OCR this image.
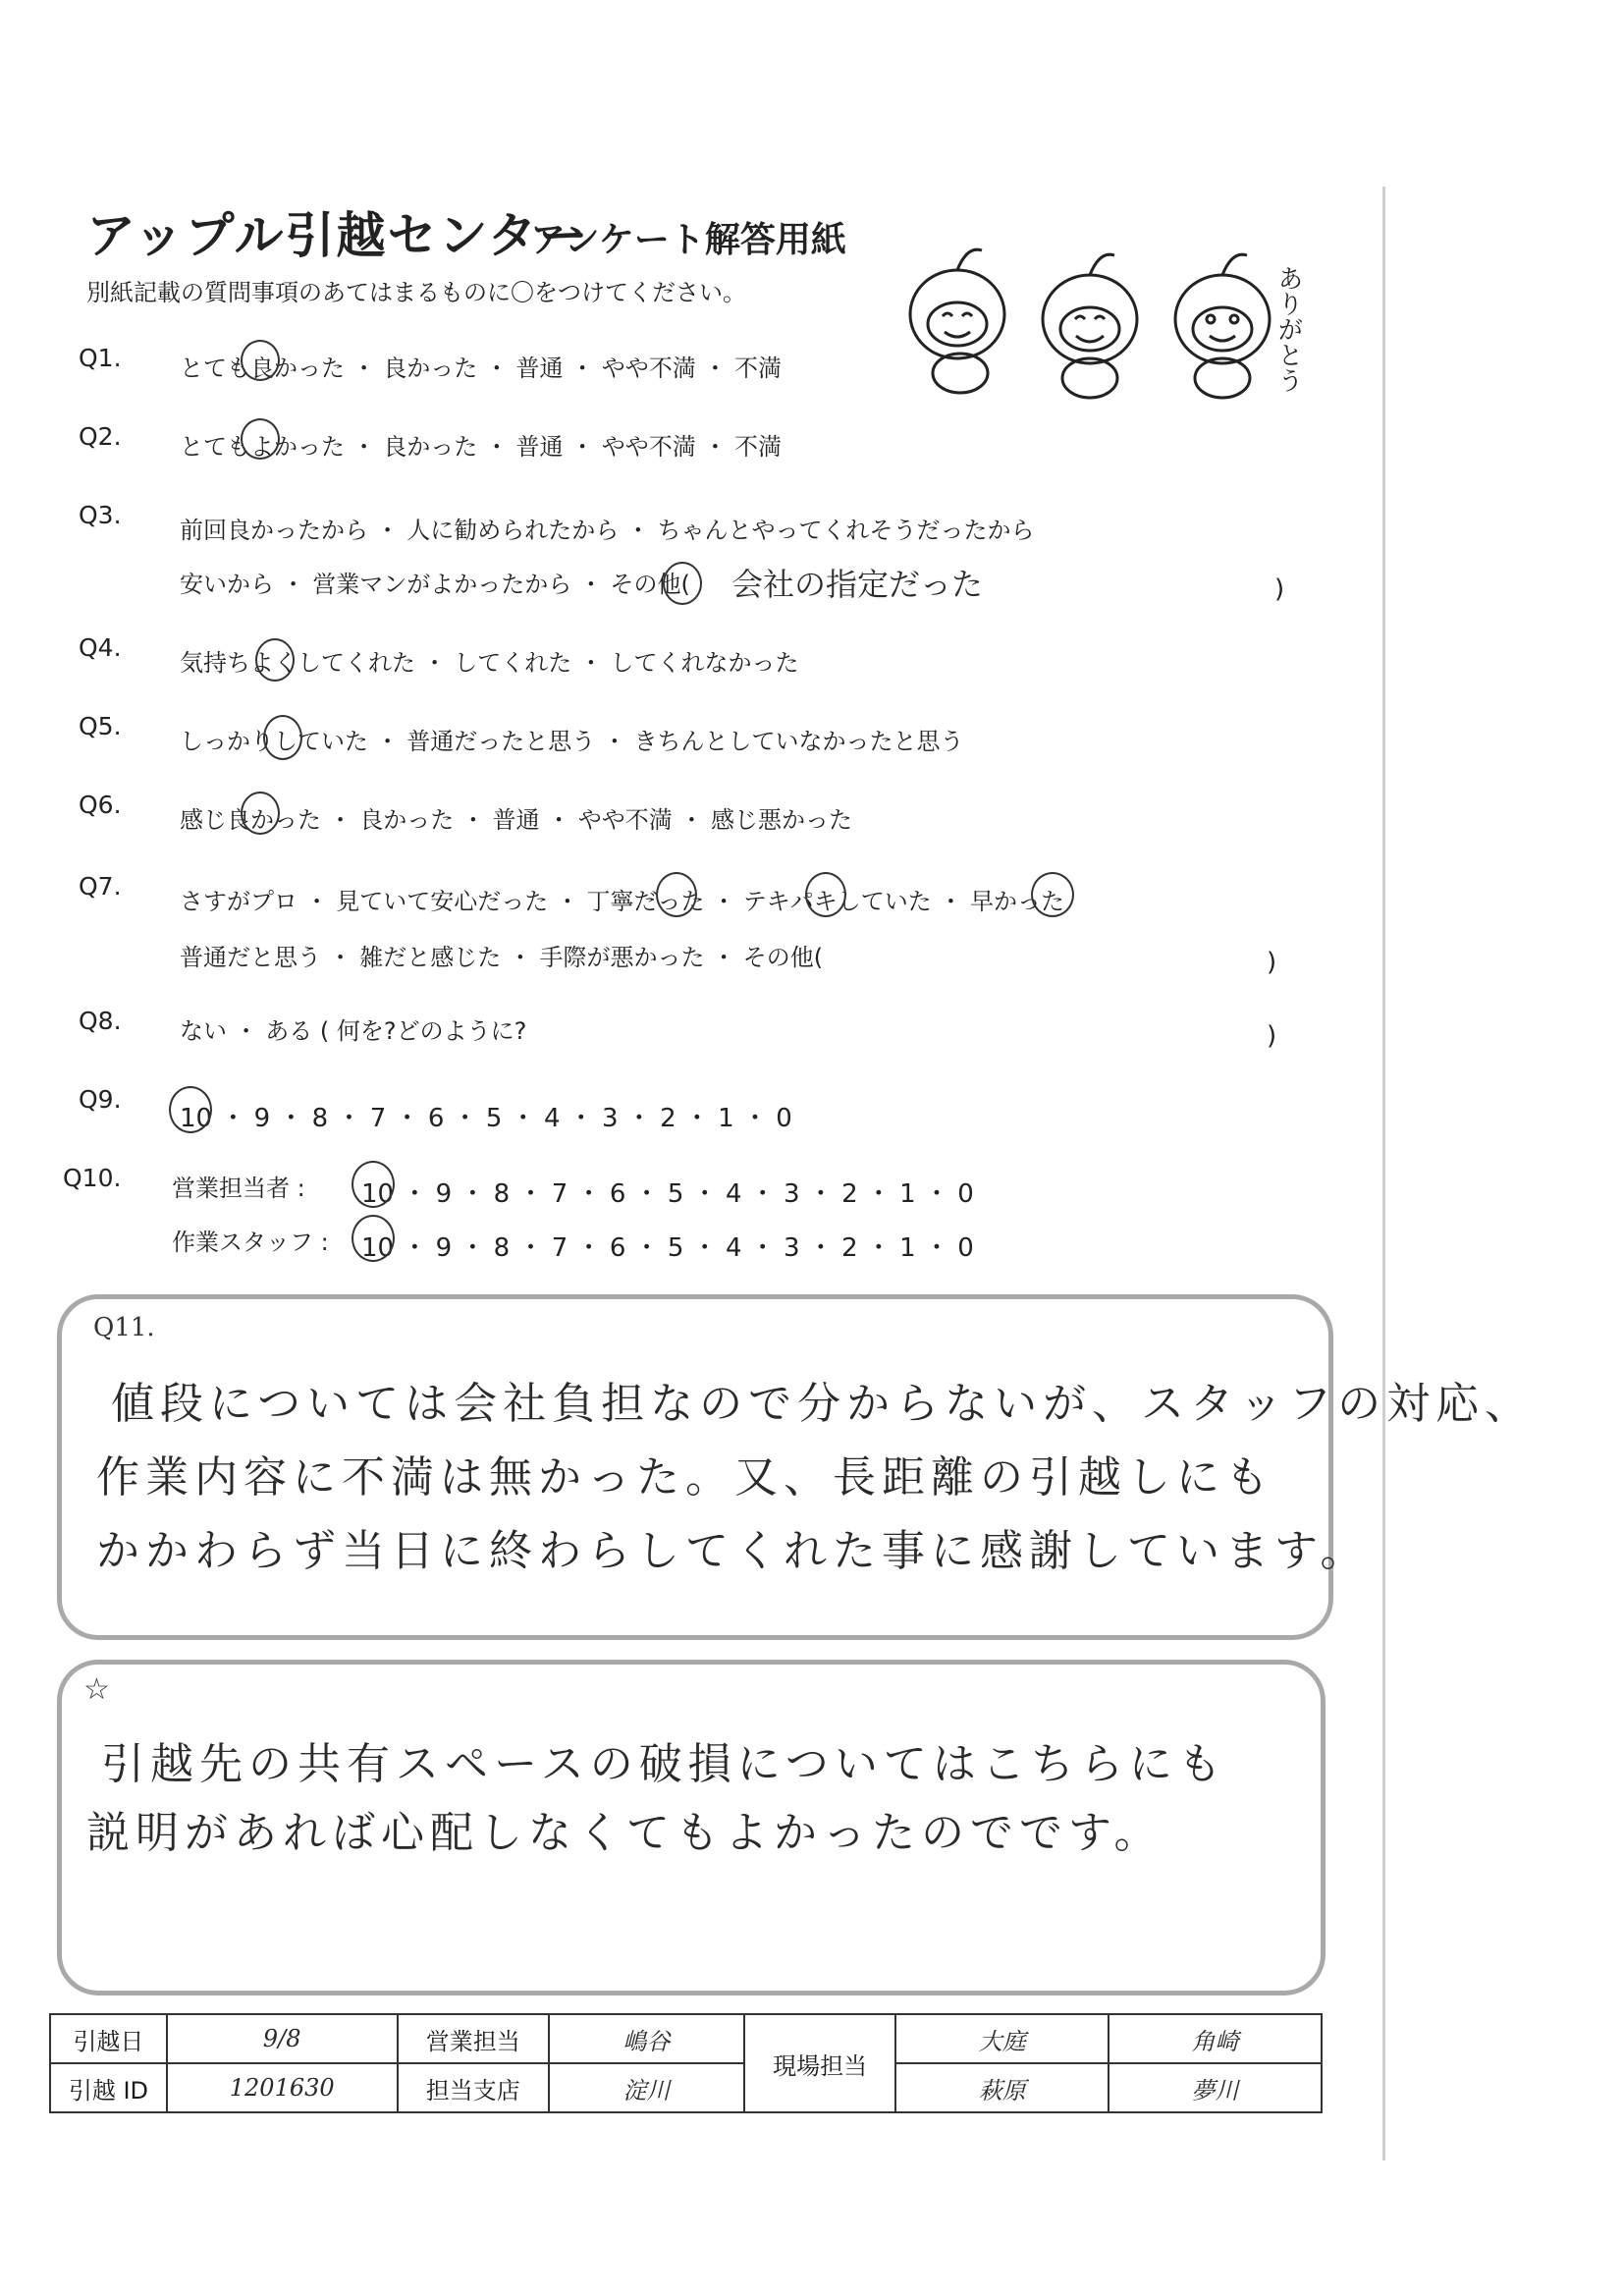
アップル引越センター
アンケート解答用紙
別紙記載の質問事項のあてはまるものに〇をつけてください。	ありがとう
Q1. とても良かった ・ 良かった ・ 普通 ・ やや不満 ・ 不満
Q2. とてもよかった ・ 良かった ・ 普通 ・ やや不満 ・ 不満
Q3.
前回良かったから ・ 人に勧められたから ・ ちゃんとやってくれそうだったから
安いから ・ 営業マンがよかったから ・ その他( 会社の指定だった	)
Q4.
気持ちよくしてくれた ・ してくれた ・ してくれなかった
Q5.
しっかりしていた ・ 普通だったと思う ・ きちんとしていなかったと思う
Q6.
感じ良かった ・ 良かった ・ 普通 ・ やや不満 ・ 感じ悪かった
Q7.
さすがプロ ・ 見ていて安心だった ・ 丁寧だった ・ テキパキしていた ・ 早かった
普通だと思う ・ 雑だと感じた ・ 手際が悪かった ・ その他(	)
Q8. ない ・ ある ( 何を?どのように?	)
Q9.
10 ・ 9 ・ 8 ・ 7 ・ 6 ・ 5 ・ 4 ・ 3 ・ 2 ・ 1 ・ 0
Q10. 営業担当者 : 10 ・ 9 ・ 8 ・ 7 ・ 6 ・ 5 ・ 4 ・ 3 ・ 2 ・ 1 ・ 0
作業スタッフ : 10 ・ 9 ・ 8 ・ 7 ・ 6 ・ 5 ・ 4 ・ 3 ・ 2 ・ 1 ・ 0
Q11.
値段については会社負担なので分からないが、スタッフの対応、
作業内容に不満は無かった。又、長距離の引越しにも
かかわらず当日に終わらしてくれた事に感謝しています。
☆
引越先の共有スペースの破損についてはこちらにも
説明があれば心配しなくてもよかったのでです。
引越日	9/8	営業担当	嶋谷	現場担当	大庭	角崎
引越 ID	1201630	担当支店	淀川		萩原	夢川
